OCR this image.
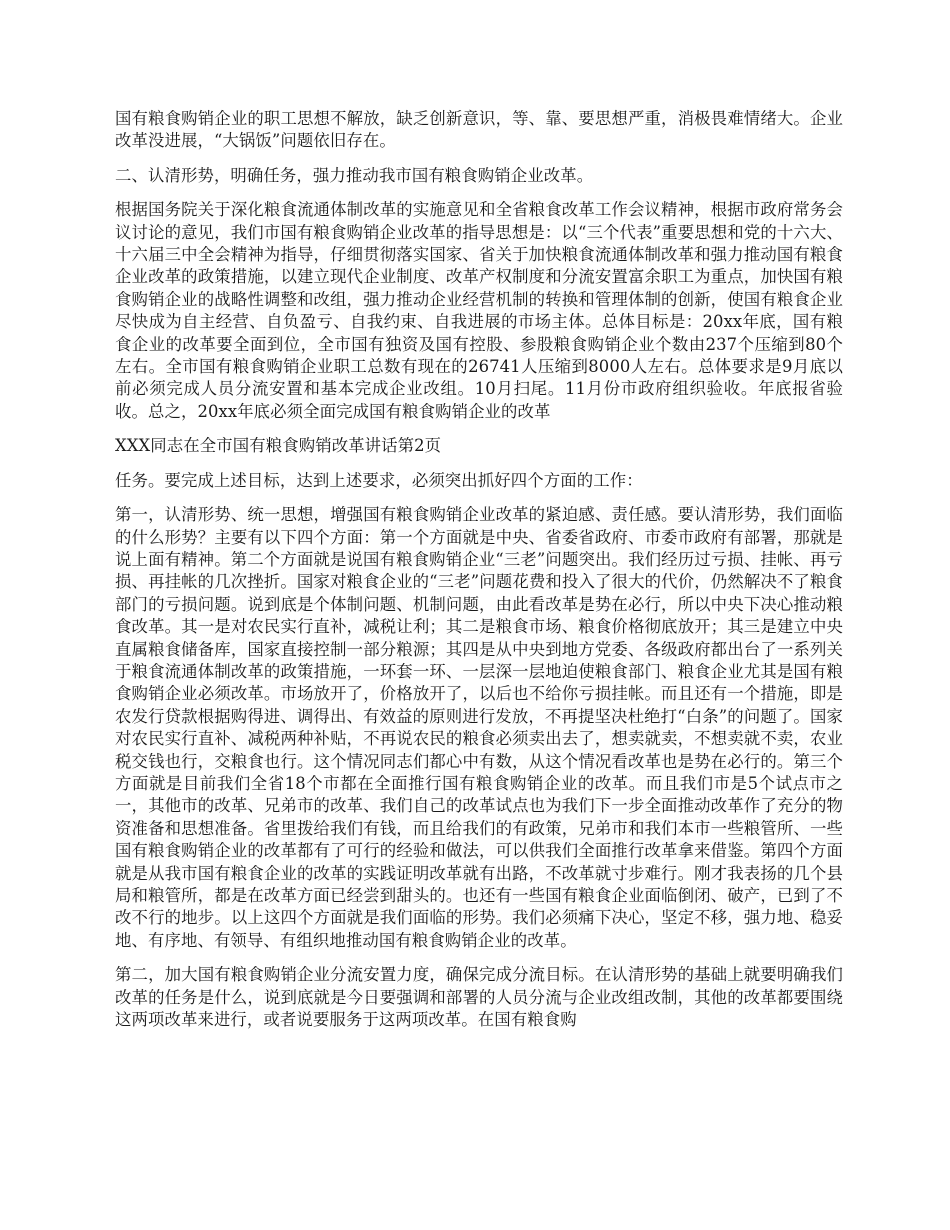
国有粮食购销企业的职工思想不解放，缺乏创新意识，等、靠、要思想严重，消极畏难情绪大。企业改革没进展，“大锅饭”问题依旧存在。

二、认清形势，明确任务，强力推动我市国有粮食购销企业改革。

根据国务院关于深化粮食流通体制改革的实施意见和全省粮食改革工作会议精神，根据市政府常务会议讨论的意见，我们市国有粮食购销企业改革的指导思想是：以“三个代表”重要思想和党的十六大、十六届三中全会精神为指导，仔细贯彻落实国家、省关于加快粮食流通体制改革和强力推动国有粮食企业改革的政策措施，以建立现代企业制度、改革产权制度和分流安置富余职工为重点，加快国有粮食购销企业的战略性调整和改组，强力推动企业经营机制的转换和管理体制的创新，使国有粮食企业尽快成为自主经营、自负盈亏、自我约束、自我进展的市场主体。总体目标是：20xx年底，国有粮食企业的改革要全面到位，全市国有独资及国有控股、参股粮食购销企业个数由237个压缩到80个左右。全市国有粮食购销企业职工总数有现在的26741人压缩到8000人左右。总体要求是9月底以前必须完成人员分流安置和基本完成企业改组。10月扫尾。11月份市政府组织验收。年底报省验收。总之，20xx年底必须全面完成国有粮食购销企业的改革

XXX同志在全市国有粮食购销改革讲话第2页

任务。要完成上述目标，达到上述要求，必须突出抓好四个方面的工作：

第一，认清形势、统一思想，增强国有粮食购销企业改革的紧迫感、责任感。要认清形势，我们面临的什么形势？主要有以下四个方面：第一个方面就是中央、省委省政府、市委市政府有部署，那就是说上面有精神。第二个方面就是说国有粮食购销企业“三老”问题突出。我们经历过亏损、挂帐、再亏损、再挂帐的几次挫折。国家对粮食企业的“三老”问题花费和投入了很大的代价，仍然解决不了粮食部门的亏损问题。说到底是个体制问题、机制问题，由此看改革是势在必行，所以中央下决心推动粮食改革。其一是对农民实行直补，减税让利；其二是粮食市场、粮食价格彻底放开；其三是建立中央直属粮食储备库，国家直接控制一部分粮源；其四是从中央到地方党委、各级政府都出台了一系列关于粮食流通体制改革的政策措施，一环套一环、一层深一层地迫使粮食部门、粮食企业尤其是国有粮食购销企业必须改革。市场放开了，价格放开了，以后也不给你亏损挂帐。而且还有一个措施，即是农发行贷款根据购得进、调得出、有效益的原则进行发放，不再提坚决杜绝打“白条”的问题了。国家对农民实行直补、减税两种补贴，不再说农民的粮食必须卖出去了，想卖就卖，不想卖就不卖，农业税交钱也行，交粮食也行。这个情况同志们都心中有数，从这个情况看改革也是势在必行的。第三个方面就是目前我们全省18个市都在全面推行国有粮食购销企业的改革。而且我们市是5个试点市之一，其他市的改革、兄弟市的改革、我们自己的改革试点也为我们下一步全面推动改革作了充分的物资准备和思想准备。省里拨给我们有钱，而且给我们的有政策，兄弟市和我们本市一些粮管所、一些国有粮食购销企业的改革都有了可行的经验和做法，可以供我们全面推行改革拿来借鉴。第四个方面就是从我市国有粮食企业的改革的实践证明改革就有出路，不改革就寸步难行。刚才我表扬的几个县局和粮管所，都是在改革方面已经尝到甜头的。也还有一些国有粮食企业面临倒闭、破产，已到了不改不行的地步。以上这四个方面就是我们面临的形势。我们必须痛下决心，坚定不移，强力地、稳妥地、有序地、有领导、有组织地推动国有粮食购销企业的改革。

第二，加大国有粮食购销企业分流安置力度，确保完成分流目标。在认清形势的基础上就要明确我们改革的任务是什么，说到底就是今日要强调和部署的人员分流与企业改组改制，其他的改革都要围绕这两项改革来进行，或者说要服务于这两项改革。在国有粮食购
